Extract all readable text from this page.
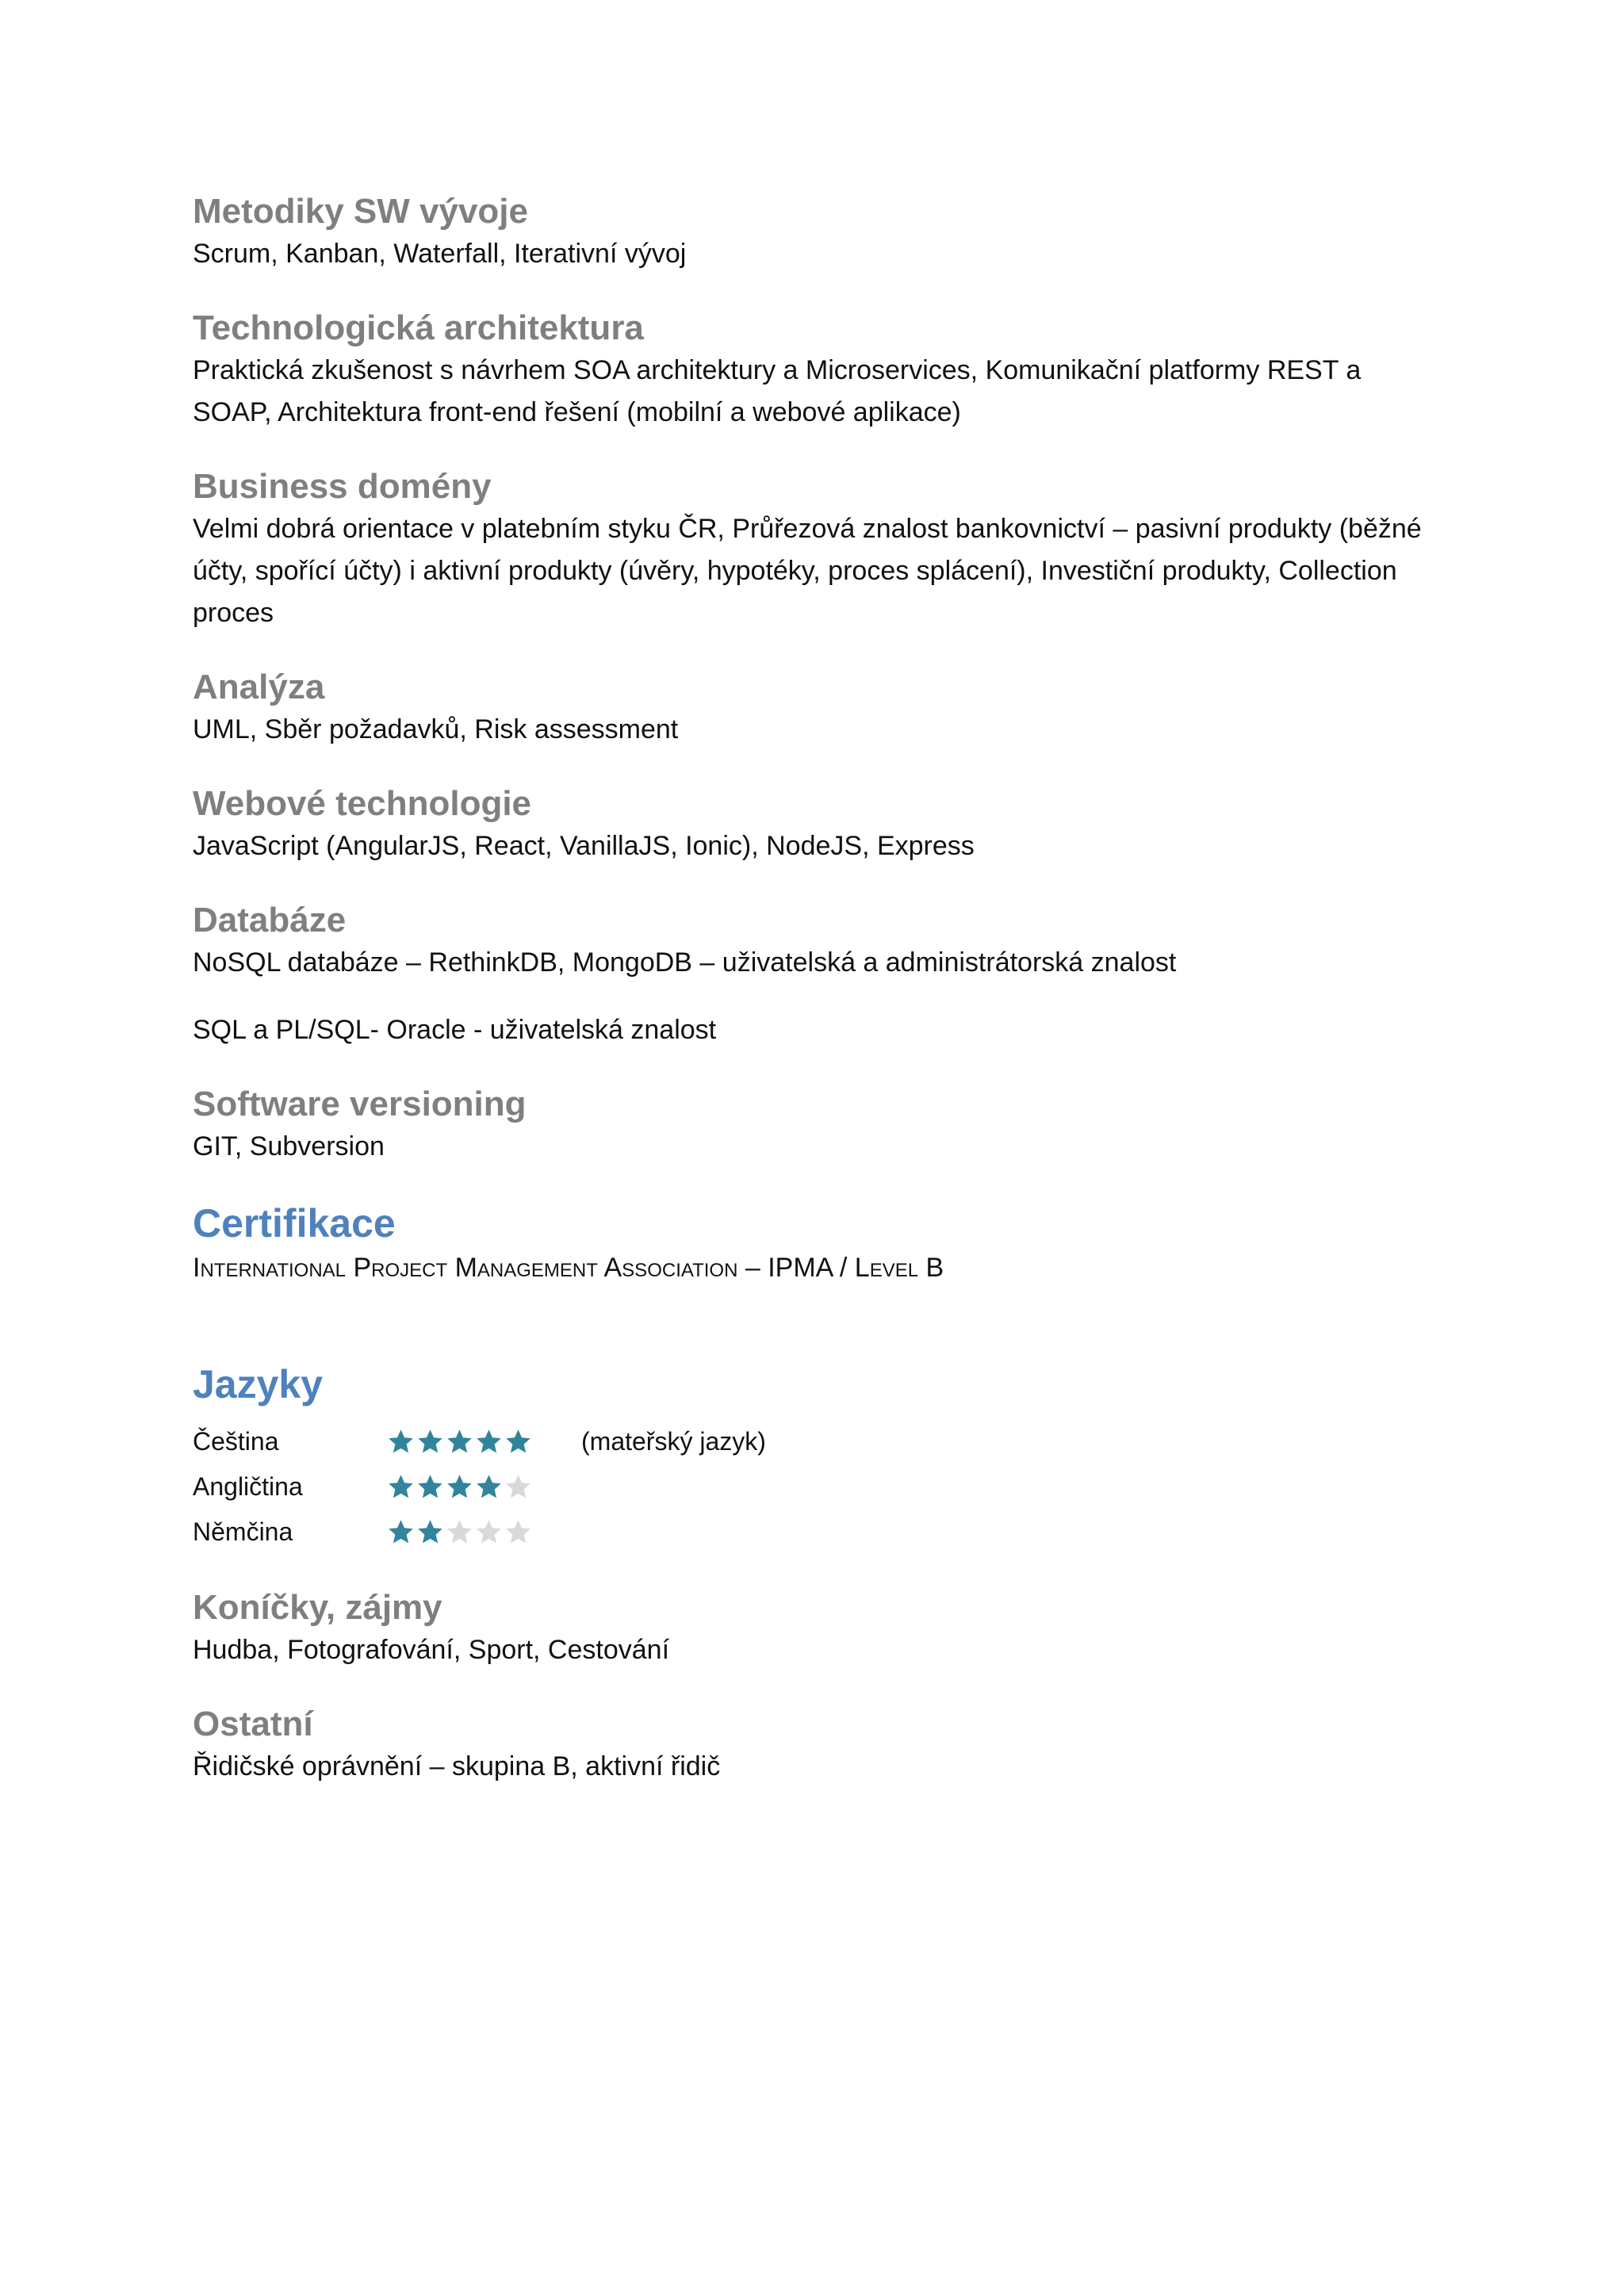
Metodiky SW vývoje

Scrum, Kanban, Waterfall, Iterativní vývoj

Technologická architektura

Praktická zkušenost s návrhem SOA architektury a Microservices, Komunikační platformy REST a SOAP, Architektura front-end řešení (mobilní a webové aplikace)

Business domény

Velmi dobrá orientace v platebním styku ČR, Průřezová znalost bankovnictví – pasivní produkty (běžné účty, spořící účty) i aktivní produkty (úvěry, hypotéky, proces splácení), Investiční produkty, Collection proces

Analýza

UML, Sběr požadavků, Risk assessment

Webové technologie

JavaScript (AngularJS, React, VanillaJS, Ionic), NodeJS, Express

Databáze

NoSQL databáze – RethinkDB, MongoDB – uživatelská a administrátorská znalost

SQL a PL/SQL- Oracle - uživatelská znalost

Software versioning

GIT, Subversion

Certifikace

International Project Management Association – IPMA / Level B

Jazyky
Čeština	(mateřský jazyk)
Angličtina
Němčina
Koníčky, zájmy

Hudba, Fotografování, Sport, Cestování

Ostatní

Řidičské oprávnění – skupina B, aktivní řidič
